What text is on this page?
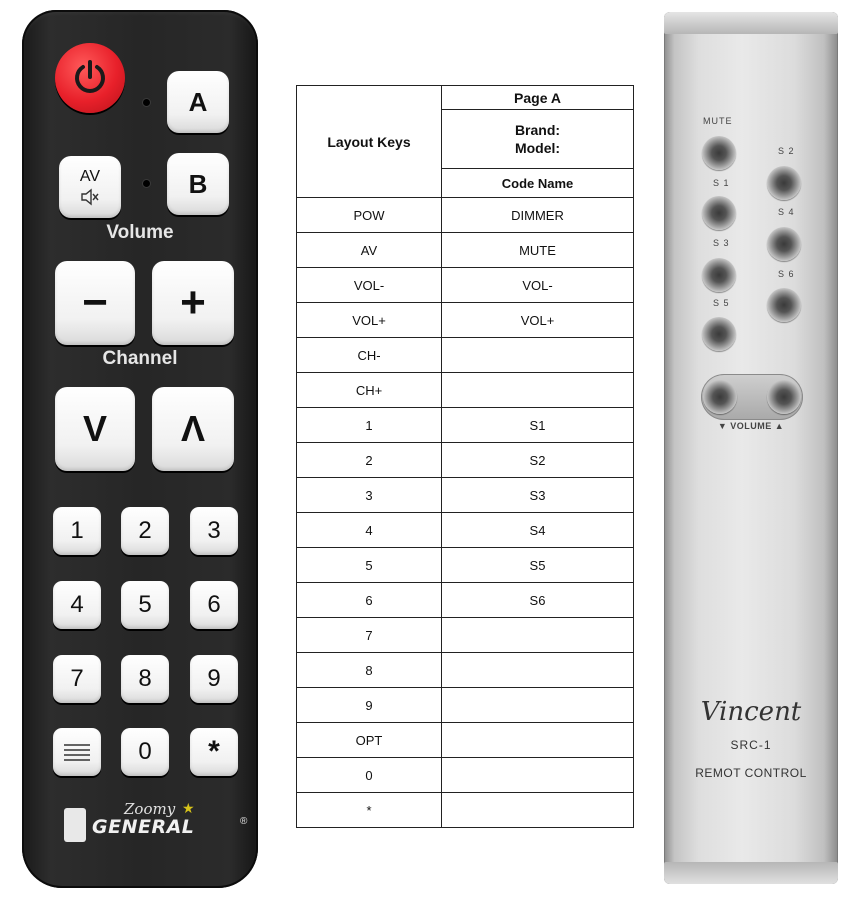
A
AV	B
Volume
−	+
Channel
V	Λ
1	2	3
4	5	6
7	8	9
0	*
Zoomy ★
GENERAL	®
Layout Keys	Page A
	Brand:
Model:
	Code Name
POW	DIMMER
AV	MUTE
VOL-	VOL-
VOL+	VOL+
CH-	
CH+	
1	S1
2	S2
3	S3
4	S4
5	S5
6	S6
7	
8	
9	
OPT	
0	
*	
MUTE
S 2
S 1
S 4
S 3
S 6
S 5
▼ VOLUME ▲
Vincent
SRC-1
REMOT CONTROL
